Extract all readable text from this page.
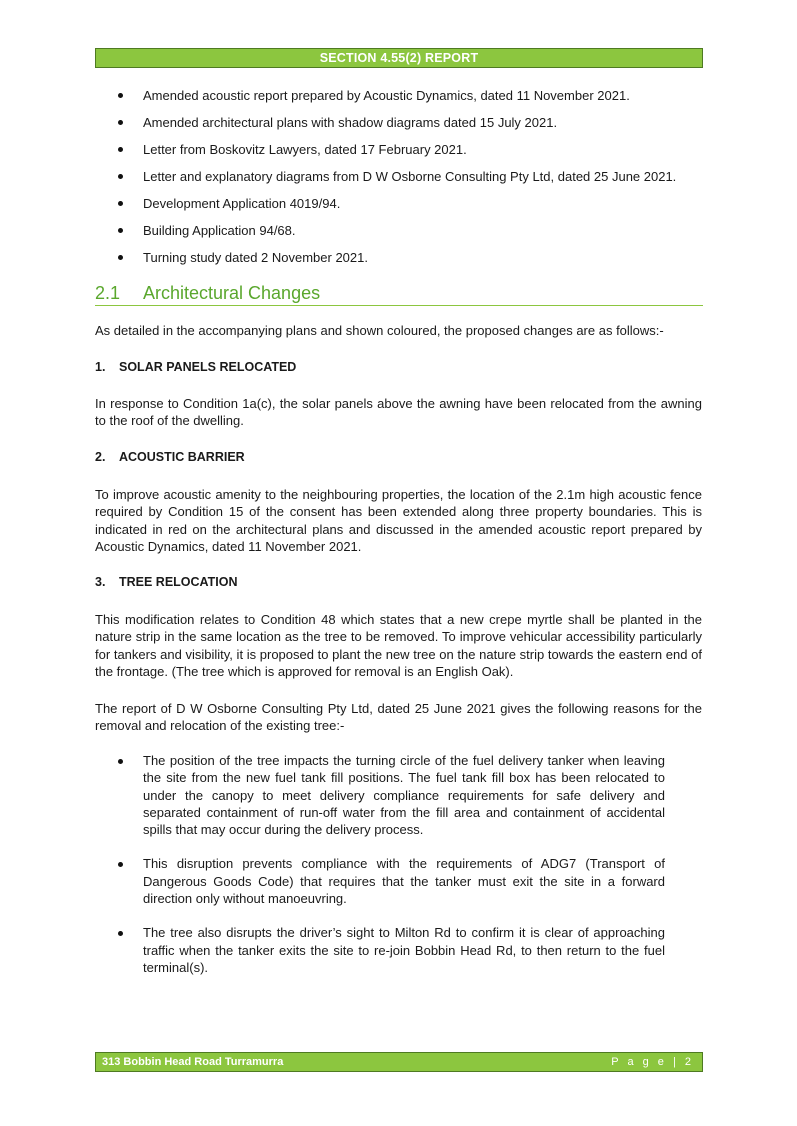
SECTION 4.55(2) REPORT
Amended acoustic report prepared by Acoustic Dynamics, dated 11 November 2021.
Amended architectural plans with shadow diagrams dated 15 July 2021.
Letter from Boskovitz Lawyers, dated 17 February 2021.
Letter and explanatory diagrams from D W Osborne Consulting Pty Ltd, dated 25 June 2021.
Development Application 4019/94.
Building Application 94/68.
Turning study dated 2 November 2021.
2.1 Architectural Changes

As detailed in the accompanying plans and shown coloured, the proposed changes are as follows:-

1. SOLAR PANELS RELOCATED

In response to Condition 1a(c), the solar panels above the awning have been relocated from the awning to the roof of the dwelling.

2. ACOUSTIC BARRIER

To improve acoustic amenity to the neighbouring properties, the location of the 2.1m high acoustic fence required by Condition 15 of the consent has been extended along three property boundaries. This is indicated in red on the architectural plans and discussed in the amended acoustic report prepared by Acoustic Dynamics, dated 11 November 2021.

3. TREE RELOCATION

This modification relates to Condition 48 which states that a new crepe myrtle shall be planted in the nature strip in the same location as the tree to be removed. To improve vehicular accessibility particularly for tankers and visibility, it is proposed to plant the new tree on the nature strip towards the eastern end of the frontage. (The tree which is approved for removal is an English Oak).

The report of D W Osborne Consulting Pty Ltd, dated 25 June 2021 gives the following reasons for the removal and relocation of the existing tree:-

The position of the tree impacts the turning circle of the fuel delivery tanker when leaving the site from the new fuel tank fill positions. The fuel tank fill box has been relocated to under the canopy to meet delivery compliance requirements for safe delivery and separated containment of run-off water from the fill area and containment of accidental spills that may occur during the delivery process.
This disruption prevents compliance with the requirements of ADG7 (Transport of Dangerous Goods Code) that requires that the tanker must exit the site in a forward direction only without manoeuvring.
The tree also disrupts the driver’s sight to Milton Rd to confirm it is clear of approaching traffic when the tanker exits the site to re-join Bobbin Head Rd, to then return to the fuel terminal(s).
313 Bobbin Head Road Turramurra	P a g e | 2
